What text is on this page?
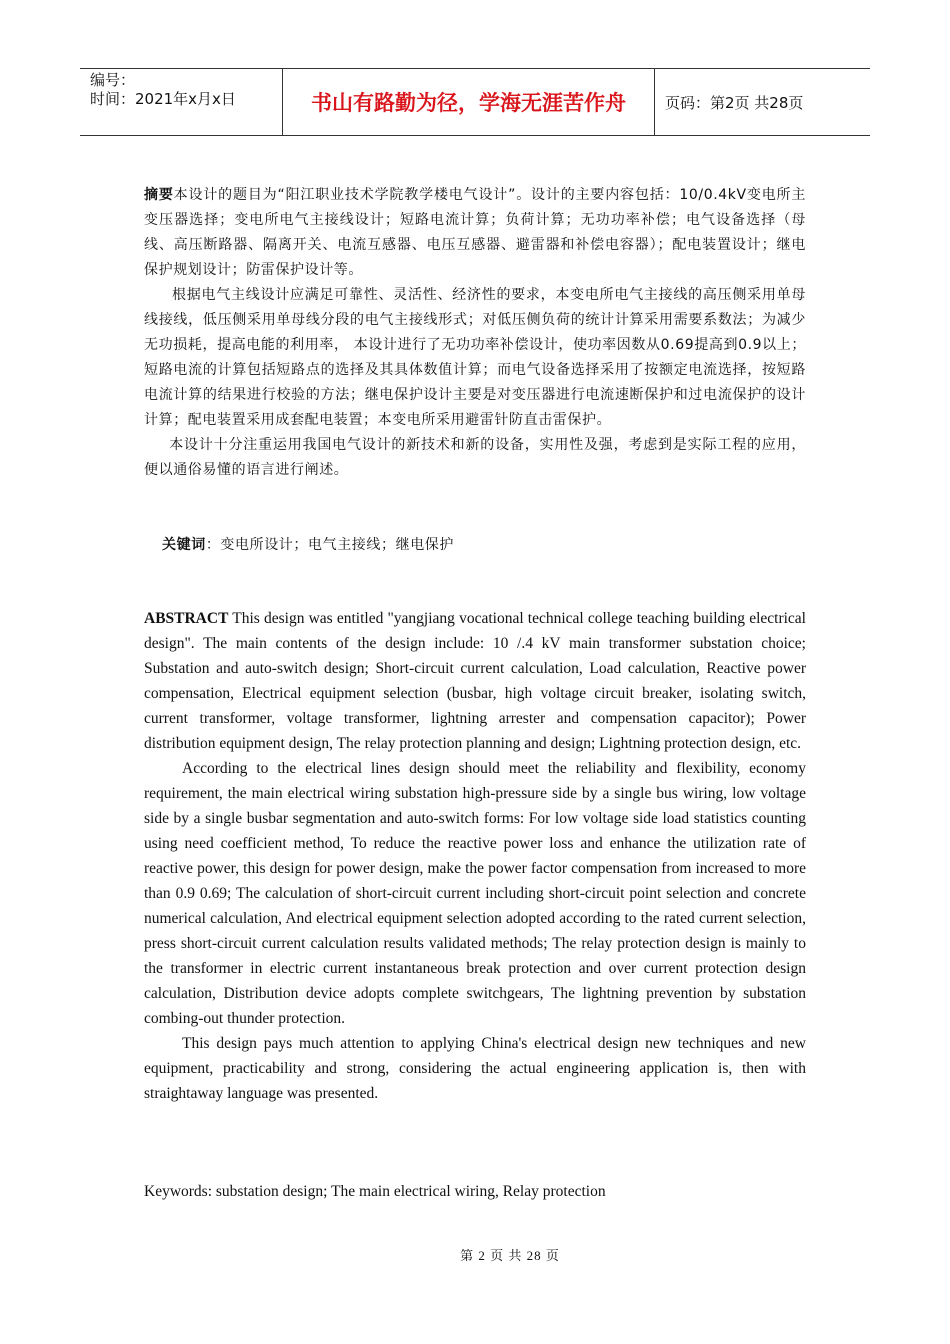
编号：
时间：2021年x月x日	书山有路勤为径，学海无涯苦作舟	页码：第2页 共28页

摘要本设计的题目为“阳江职业技术学院教学楼电气设计”。设计的主要内容包括：10/0.4kV变电所主变压器选择；变电所电气主接线设计；短路电流计算；负荷计算；无功功率补偿；电气设备选择（母线、高压断路器、隔离开关、电流互感器、电压互感器、避雷器和补偿电容器）；配电装置设计；继电保护规划设计；防雷保护设计等。

根据电气主线设计应满足可靠性、灵活性、经济性的要求，本变电所电气主接线的高压侧采用单母线接线，低压侧采用单母线分段的电气主接线形式；对低压侧负荷的统计计算采用需要系数法；为减少无功损耗，提高电能的利用率， 本设计进行了无功功率补偿设计，使功率因数从0.69提高到0.9以上；短路电流的计算包括短路点的选择及其具体数值计算；而电气设备选择采用了按额定电流选择，按短路电流计算的结果进行校验的方法；继电保护设计主要是对变压器进行电流速断保护和过电流保护的设计计算；配电装置采用成套配电装置；本变电所采用避雷针防直击雷保护。

本设计十分注重运用我国电气设计的新技术和新的设备，实用性及强，考虑到是实际工程的应用，便以通俗易懂的语言进行阐述。

关键词：变电所设计；电气主接线；继电保护

ABSTRACT This design was entitled "yangjiang vocational technical college teaching building electrical design". The main contents of the design include: 10 /.4 kV main transformer substation choice; Substation and auto-switch design; Short-circuit current calculation, Load calculation, Reactive power compensation, Electrical equipment selection (busbar, high voltage circuit breaker, isolating switch, current transformer, voltage transformer, lightning arrester and compensation capacitor); Power distribution equipment design, The relay protection planning and design; Lightning protection design, etc.

According to the electrical lines design should meet the reliability and flexibility, economy requirement, the main electrical wiring substation high-pressure side by a single bus wiring, low voltage side by a single busbar segmentation and auto-switch forms: For low voltage side load statistics counting using need coefficient method, To reduce the reactive power loss and enhance the utilization rate of reactive power, this design for power design, make the power factor compensation from increased to more than 0.9 0.69; The calculation of short-circuit current including short-circuit point selection and concrete numerical calculation, And electrical equipment selection adopted according to the rated current selection, press short-circuit current calculation results validated methods; The relay protection design is mainly to the transformer in electric current instantaneous break protection and over current protection design calculation, Distribution device adopts complete switchgears, The lightning prevention by substation combing-out thunder protection.

This design pays much attention to applying China's electrical design new techniques and new equipment, practicability and strong, considering the actual engineering application is, then with straightaway language was presented.

Keywords: substation design; The main electrical wiring, Relay protection
第 2 页 共 28 页
